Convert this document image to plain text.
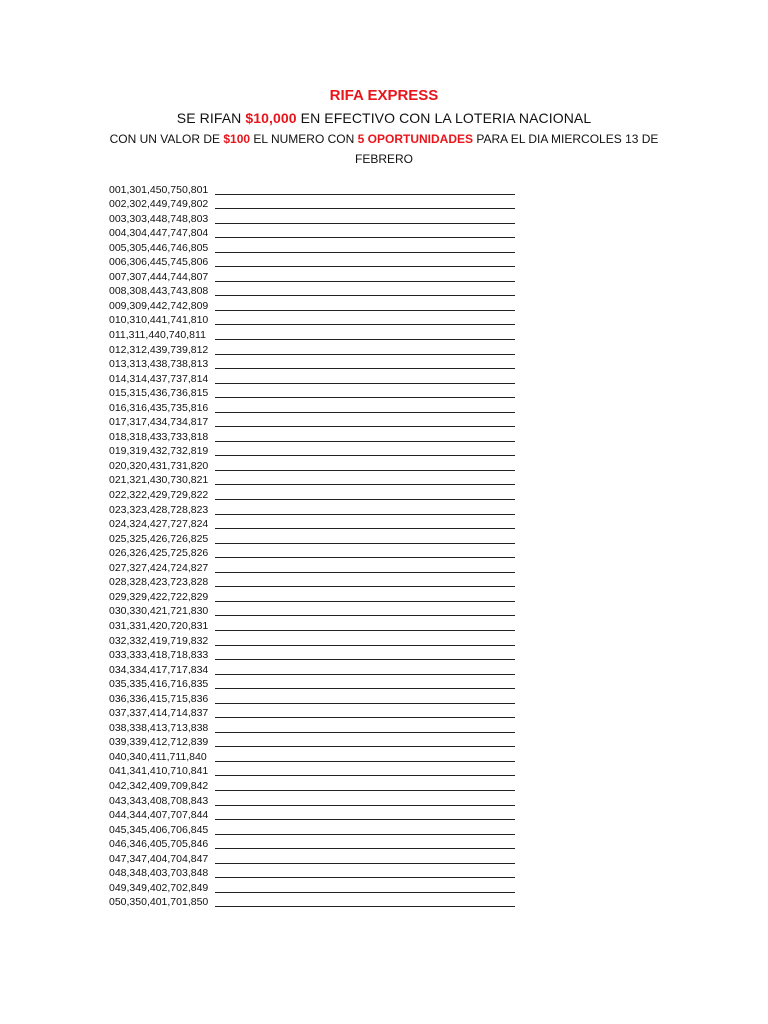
RIFA EXPRESS
SE RIFAN $10,000 EN EFECTIVO CON LA LOTERIA NACIONAL
CON UN VALOR DE $100 EL NUMERO CON 5 OPORTUNIDADES PARA EL DIA MIERCOLES 13 DE FEBRERO
001,301,450,750,801
002,302,449,749,802
003,303,448,748,803
004,304,447,747,804
005,305,446,746,805
006,306,445,745,806
007,307,444,744,807
008,308,443,743,808
009,309,442,742,809
010,310,441,741,810
011,311,440,740,811
012,312,439,739,812
013,313,438,738,813
014,314,437,737,814
015,315,436,736,815
016,316,435,735,816
017,317,434,734,817
018,318,433,733,818
019,319,432,732,819
020,320,431,731,820
021,321,430,730,821
022,322,429,729,822
023,323,428,728,823
024,324,427,727,824
025,325,426,726,825
026,326,425,725,826
027,327,424,724,827
028,328,423,723,828
029,329,422,722,829
030,330,421,721,830
031,331,420,720,831
032,332,419,719,832
033,333,418,718,833
034,334,417,717,834
035,335,416,716,835
036,336,415,715,836
037,337,414,714,837
038,338,413,713,838
039,339,412,712,839
040,340,411,711,840
041,341,410,710,841
042,342,409,709,842
043,343,408,708,843
044,344,407,707,844
045,345,406,706,845
046,346,405,705,846
047,347,404,704,847
048,348,403,703,848
049,349,402,702,849
050,350,401,701,850
